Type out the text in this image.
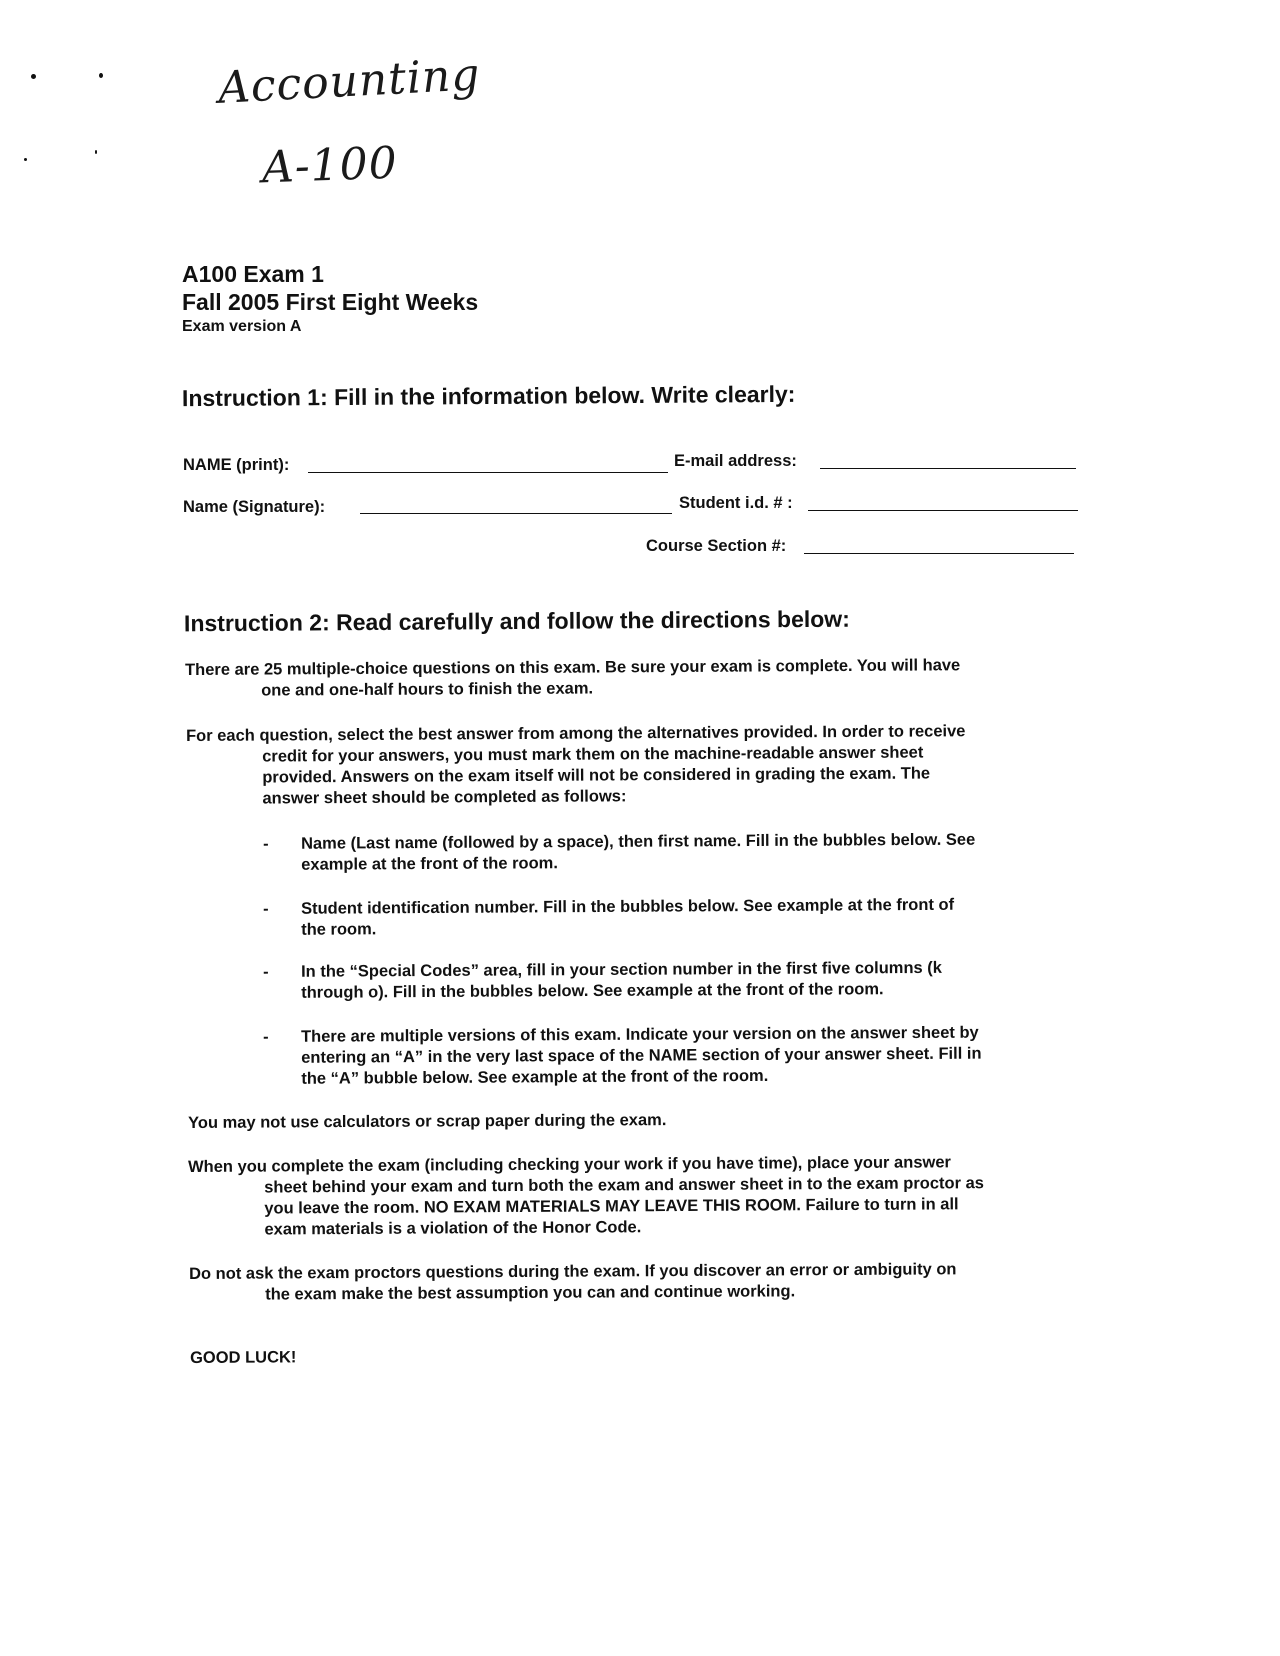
Accounting
A-100
A100 Exam 1
Fall 2005 First Eight Weeks
Exam version A
Instruction 1: Fill in the information below. Write clearly:
NAME (print):	E-mail address:
Name (Signature):	Student i.d. # :
Course Section #:
Instruction 2: Read carefully and follow the directions below:
There are 25 multiple-choice questions on this exam. Be sure your exam is complete. You will have
one and one-half hours to finish the exam.
For each question, select the best answer from among the alternatives provided. In order to receive
credit for your answers, you must mark them on the machine-readable answer sheet
provided. Answers on the exam itself will not be considered in grading the exam. The
answer sheet should be completed as follows:
- Name (Last name (followed by a space), then first name. Fill in the bubbles below. See
example at the front of the room.
- Student identification number. Fill in the bubbles below. See example at the front of
the room.
- In the “Special Codes” area, fill in your section number in the first five columns (k
through o). Fill in the bubbles below. See example at the front of the room.
- There are multiple versions of this exam. Indicate your version on the answer sheet by
entering an “A” in the very last space of the NAME section of your answer sheet. Fill in
the “A” bubble below. See example at the front of the room.
You may not use calculators or scrap paper during the exam.
When you complete the exam (including checking your work if you have time), place your answer
sheet behind your exam and turn both the exam and answer sheet in to the exam proctor as
you leave the room. NO EXAM MATERIALS MAY LEAVE THIS ROOM. Failure to turn in all
exam materials is a violation of the Honor Code.
Do not ask the exam proctors questions during the exam. If you discover an error or ambiguity on
the exam make the best assumption you can and continue working.
GOOD LUCK!
